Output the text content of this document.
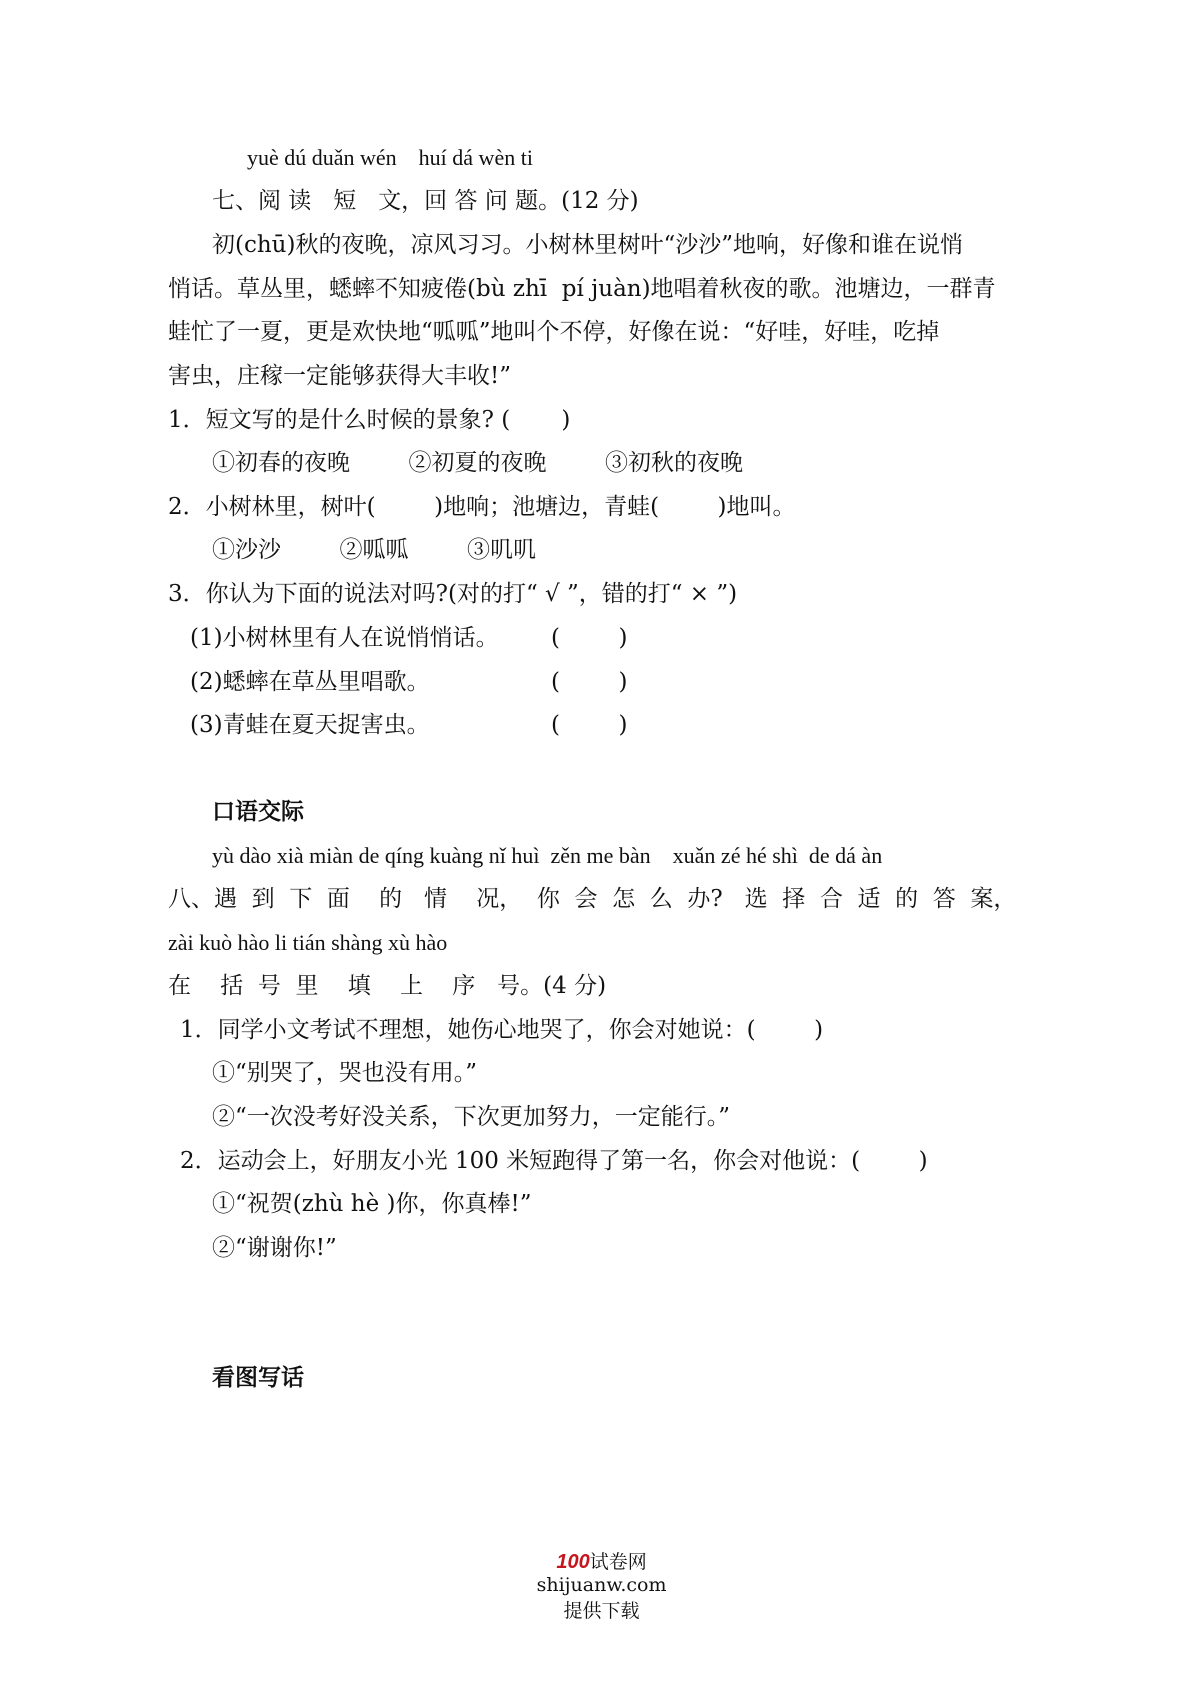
yuè dú duǎn wén    huí dá wèn ti
七、阅 读   短   文，回 答 问 题。(12 分)
初(chū)秋的夜晚，凉风习习。小树林里树叶“沙沙”地响，好像和谁在说悄
悄话。草丛里，蟋蟀不知疲倦(bù zhī  pí juàn)地唱着秋夜的歌。池塘边，一群青
蛙忙了一夏，更是欢快地“呱呱”地叫个不停，好像在说：“好哇，好哇，吃掉
害虫，庄稼一定能够获得大丰收!”
1．短文写的是什么时候的景象? (       )
①初春的夜晚        ②初夏的夜晚        ③初秋的夜晚
2．小树林里，树叶(        )地响；池塘边，青蛙(        )地叫。
①沙沙        ②呱呱        ③叽叽
3．你认为下面的说法对吗?(对的打“ √ ”，错的打“ × ”)
(1)小树林里有人在说悄悄话。 (        )
(2)蟋蟀在草丛里唱歌。	(        )
(3)青蛙在夏天捉害虫。	(        )
口语交际
yù dào xià miàn de qíng kuàng nǐ huì  zěn me bàn    xuǎn zé hé shì  de dá àn
八、遇  到  下  面    的   情    况，  你  会  怎  么  办?   选  择  合  适  的  答  案，
zài kuò hào li tián shàng xù hào
在    括  号  里    填    上    序   号。(4 分)
1．同学小文考试不理想，她伤心地哭了，你会对她说：(        )
①“别哭了，哭也没有用。”
②“一次没考好没关系，下次更加努力，一定能行。”
2．运动会上，好朋友小光 100 米短跑得了第一名，你会对他说：(        )
①“祝贺(zhù hè )你，你真棒!”
②“谢谢你!”
看图写话

100试卷网
shijuanw.com
提供下载
